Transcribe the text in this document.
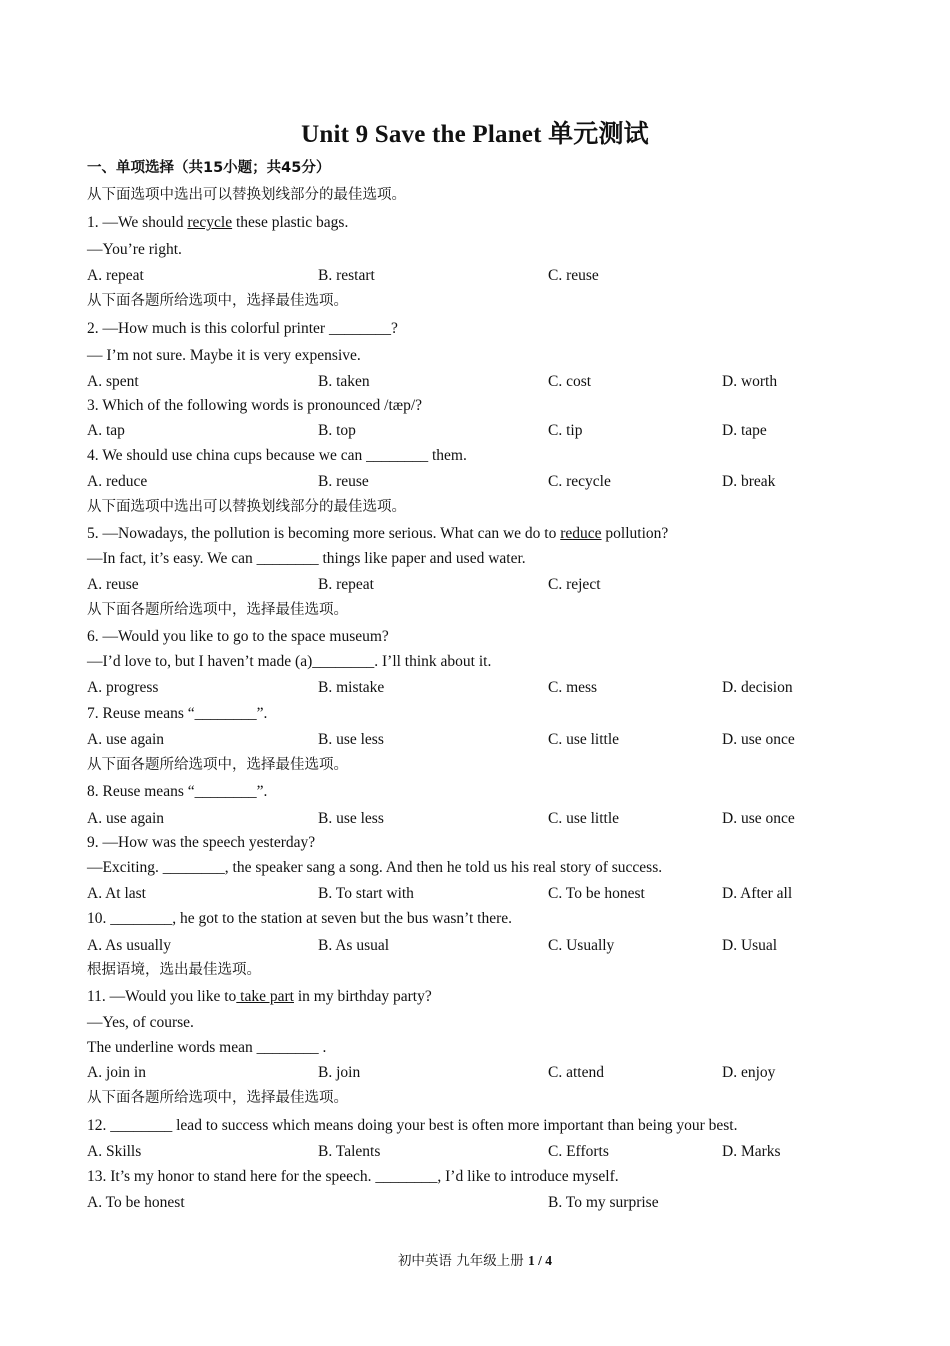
Unit 9 Save the Planet 单元测试
一、单项选择（共15小题；共45分）
从下面选项中选出可以替换划线部分的最佳选项。
1. —We should recycle these plastic bags.
—You’re right.
A. repeat	B. restart	C. reuse
从下面各题所给选项中，选择最佳选项。
2. —How much is this colorful printer ________?
— I’m not sure. Maybe it is very expensive.
A. spent	B. taken	C. cost	D. worth
3. Which of the following words is pronounced /tæp/?
A. tap	B. top	C. tip	D. tape
4. We should use china cups because we can ________ them.
A. reduce	B. reuse	C. recycle	D. break
从下面选项中选出可以替换划线部分的最佳选项。
5. —Nowadays, the pollution is becoming more serious. What can we do to reduce pollution?
—In fact, it’s easy. We can ________ things like paper and used water.
A. reuse	B. repeat	C. reject
从下面各题所给选项中，选择最佳选项。
6. —Would you like to go to the space museum?
—I’d love to, but I haven’t made (a)________. I’ll think about it.
A. progress	B. mistake	C. mess	D. decision
7. Reuse means “________”.
A. use again	B. use less	C. use little	D. use once
从下面各题所给选项中，选择最佳选项。
8. Reuse means “________”.
A. use again	B. use less	C. use little	D. use once
9. —How was the speech yesterday?
—Exciting. ________, the speaker sang a song. And then he told us his real story of success.
A. At last	B. To start with	C. To be honest	D. After all
10. ________, he got to the station at seven but the bus wasn’t there.
A. As usually	B. As usual	C. Usually	D. Usual
根据语境，选出最佳选项。
11. —Would you like to take part in my birthday party?
—Yes, of course.
The underline words mean ________ .
A. join in	B. join	C. attend	D. enjoy
从下面各题所给选项中，选择最佳选项。
12. ________ lead to success which means doing your best is often more important than being your best.
A. Skills	B. Talents	C. Efforts	D. Marks
13. It’s my honor to stand here for the speech. ________, I’d like to introduce myself.
A. To be honest	B. To my surprise
初中英语 九年级上册 1 / 4
